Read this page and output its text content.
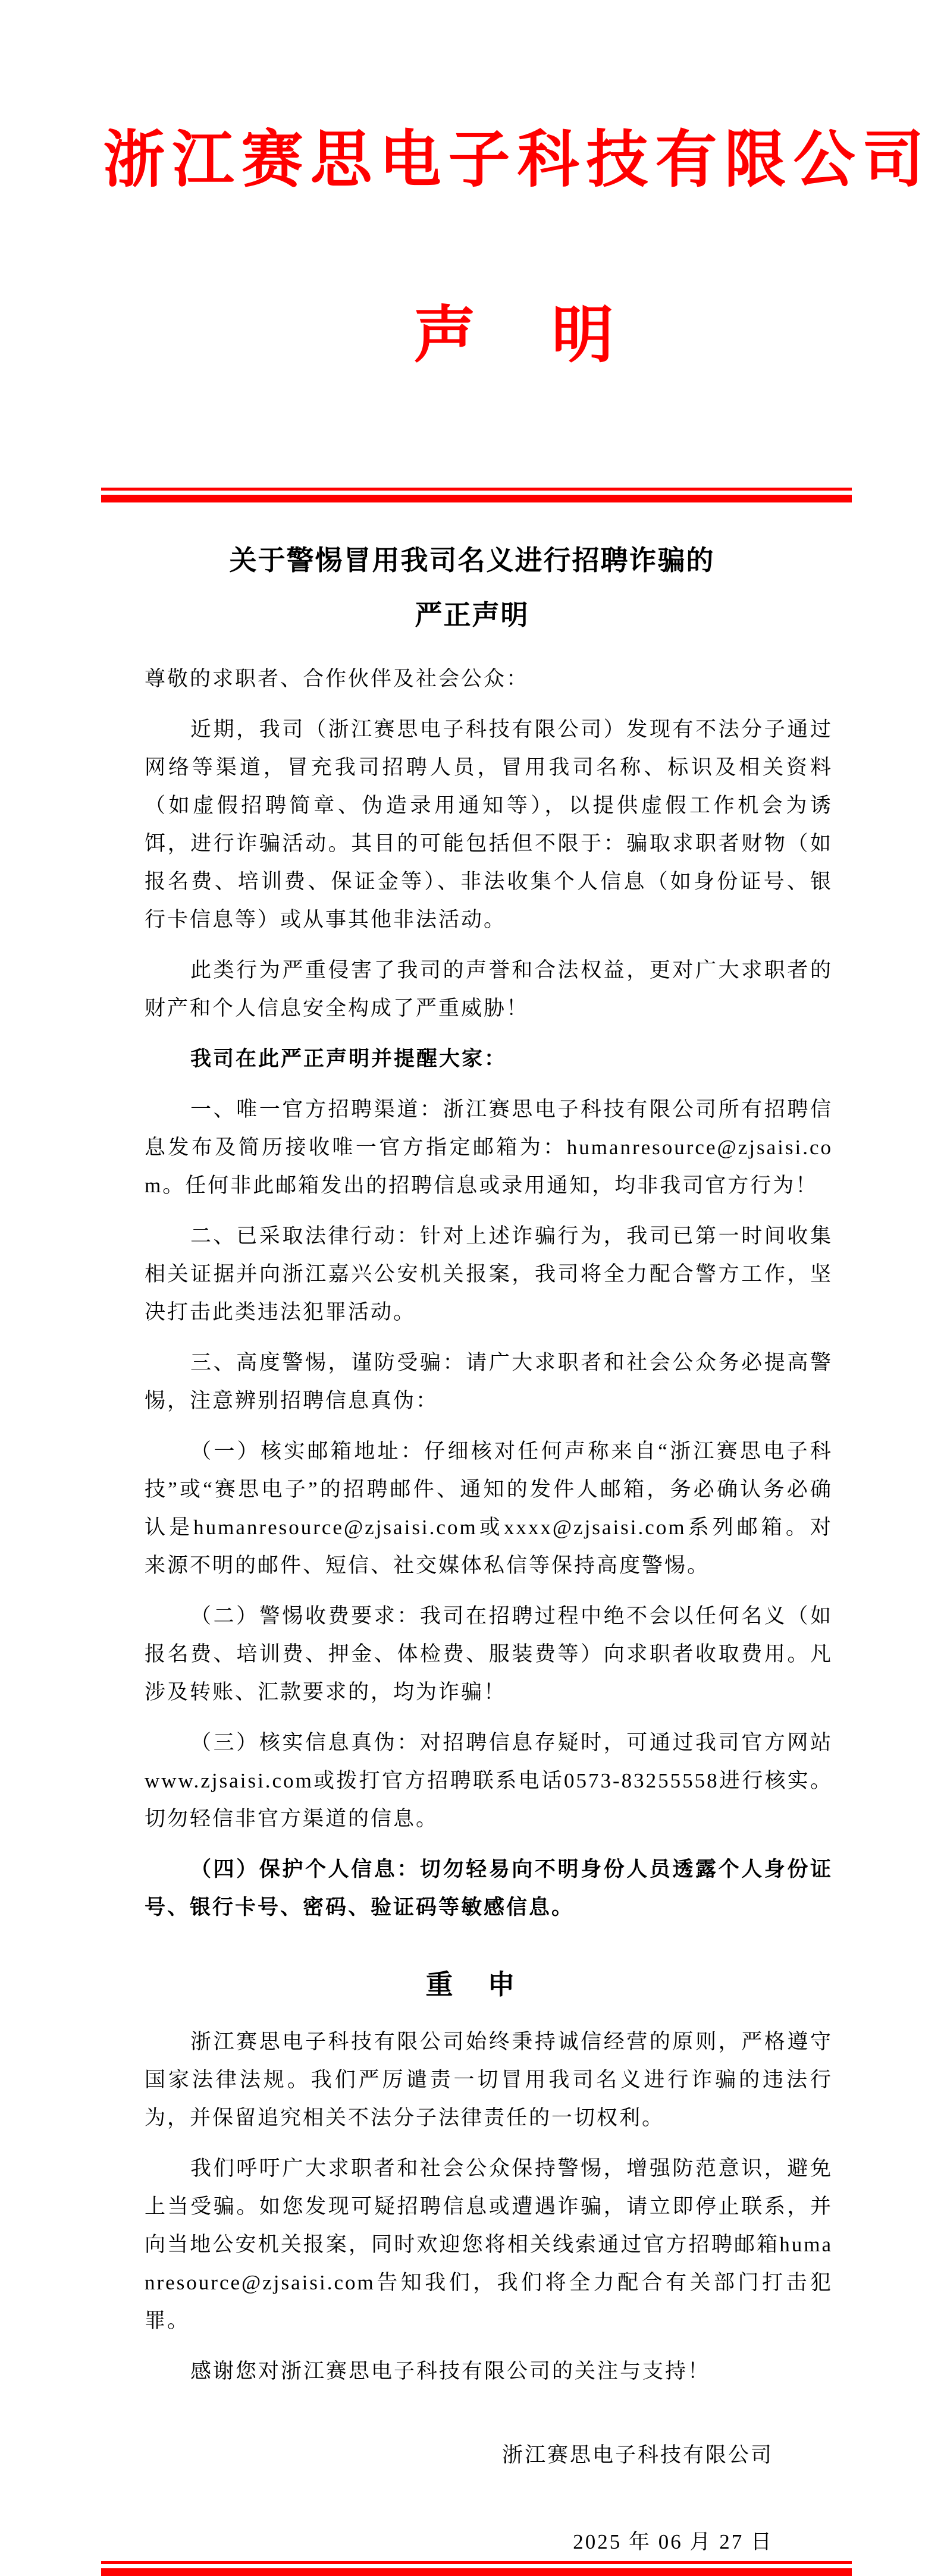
浙江赛思电子科技有限公司

声　明

关于警惕冒用我司名义进行招聘诈骗的
严正声明

尊敬的求职者、合作伙伴及社会公众：

近期，我司（浙江赛思电子科技有限公司）发现有不法分子通过网络等渠道，冒充我司招聘人员，冒用我司名称、标识及相关资料（如虚假招聘简章、伪造录用通知等），以提供虚假工作机会为诱饵，进行诈骗活动。其目的可能包括但不限于：骗取求职者财物（如报名费、培训费、保证金等）、非法收集个人信息（如身份证号、银行卡信息等）或从事其他非法活动。

此类行为严重侵害了我司的声誉和合法权益，更对广大求职者的财产和个人信息安全构成了严重威胁！

我司在此严正声明并提醒大家：

一、唯一官方招聘渠道：浙江赛思电子科技有限公司所有招聘信息发布及简历接收唯一官方指定邮箱为：humanresource@zjsaisi.com。任何非此邮箱发出的招聘信息或录用通知，均非我司官方行为！

二、已采取法律行动：针对上述诈骗行为，我司已第一时间收集相关证据并向浙江嘉兴公安机关报案，我司将全力配合警方工作，坚决打击此类违法犯罪活动。

三、高度警惕，谨防受骗：请广大求职者和社会公众务必提高警惕，注意辨别招聘信息真伪：

（一）核实邮箱地址：仔细核对任何声称来自“浙江赛思电子科技”或“赛思电子”的招聘邮件、通知的发件人邮箱，务必确认务必确认是humanresource@zjsaisi.com或xxxx@zjsaisi.com系列邮箱。对来源不明的邮件、短信、社交媒体私信等保持高度警惕。

（二）警惕收费要求：我司在招聘过程中绝不会以任何名义（如报名费、培训费、押金、体检费、服装费等）向求职者收取费用。凡涉及转账、汇款要求的，均为诈骗！

（三）核实信息真伪：对招聘信息存疑时，可通过我司官方网站www.zjsaisi.com或拨打官方招聘联系电话0573-83255558进行核实。切勿轻信非官方渠道的信息。

（四）保护个人信息：切勿轻易向不明身份人员透露个人身份证号、银行卡号、密码、验证码等敏感信息。

重　申

浙江赛思电子科技有限公司始终秉持诚信经营的原则，严格遵守国家法律法规。我们严厉谴责一切冒用我司名义进行诈骗的违法行为，并保留追究相关不法分子法律责任的一切权利。

我们呼吁广大求职者和社会公众保持警惕，增强防范意识，避免上当受骗。如您发现可疑招聘信息或遭遇诈骗，请立即停止联系，并向当地公安机关报案，同时欢迎您将相关线索通过官方招聘邮箱humanresource@zjsaisi.com告知我们，我们将全力配合有关部门打击犯罪。

感谢您对浙江赛思电子科技有限公司的关注与支持！

浙江赛思电子科技有限公司
2025 年 06 月 27 日
